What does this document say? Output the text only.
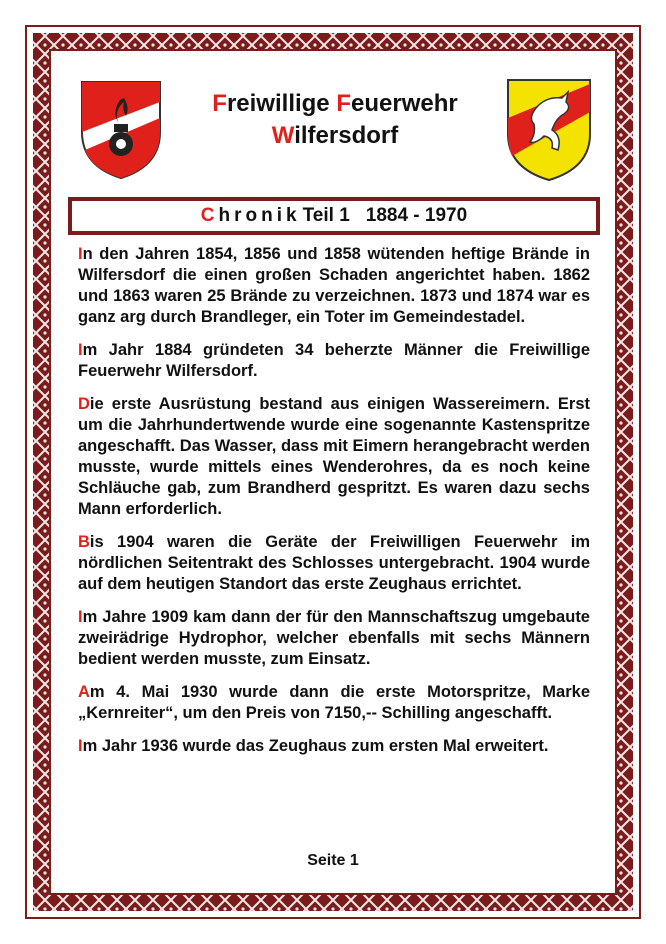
Freiwillige Feuerwehr
Wilfersdorf
Chronik Teil 1 1884 - 1970

In den Jahren 1854, 1856 und 1858 wütenden heftige Brände in Wilfersdorf die einen großen Schaden angerichtet haben. 1862 und 1863 waren 25 Brände zu verzeichnen. 1873 und 1874 war es ganz arg durch Brandleger, ein Toter im Gemeindestadel.

Im Jahr 1884 gründeten 34 beherzte Männer die Freiwillige Feuerwehr Wilfersdorf.

Die erste Ausrüstung bestand aus einigen Wassereimern. Erst um die Jahrhundertwende wurde eine sogenannte Kastenspritze angeschafft. Das Wasser, dass mit Eimern herangebracht werden musste, wurde mittels eines Wenderohres, da es noch keine Schläuche gab, zum Brandherd gespritzt. Es waren dazu sechs Mann erforderlich.

Bis 1904 waren die Geräte der Freiwilligen Feuerwehr im nördlichen Seitentrakt des Schlosses untergebracht. 1904 wurde auf dem heutigen Standort das erste Zeughaus errichtet.

Im Jahre 1909 kam dann der für den Mannschaftszug umgebaute zweirädrige Hydrophor, welcher ebenfalls mit sechs Männern bedient werden musste, zum Einsatz.

Am 4. Mai 1930 wurde dann die erste Motorspritze, Marke „Kernreiter“, um den Preis von 7150,-- Schilling angeschafft.

Im Jahr 1936 wurde das Zeughaus zum ersten Mal erweitert.

Seite 1
